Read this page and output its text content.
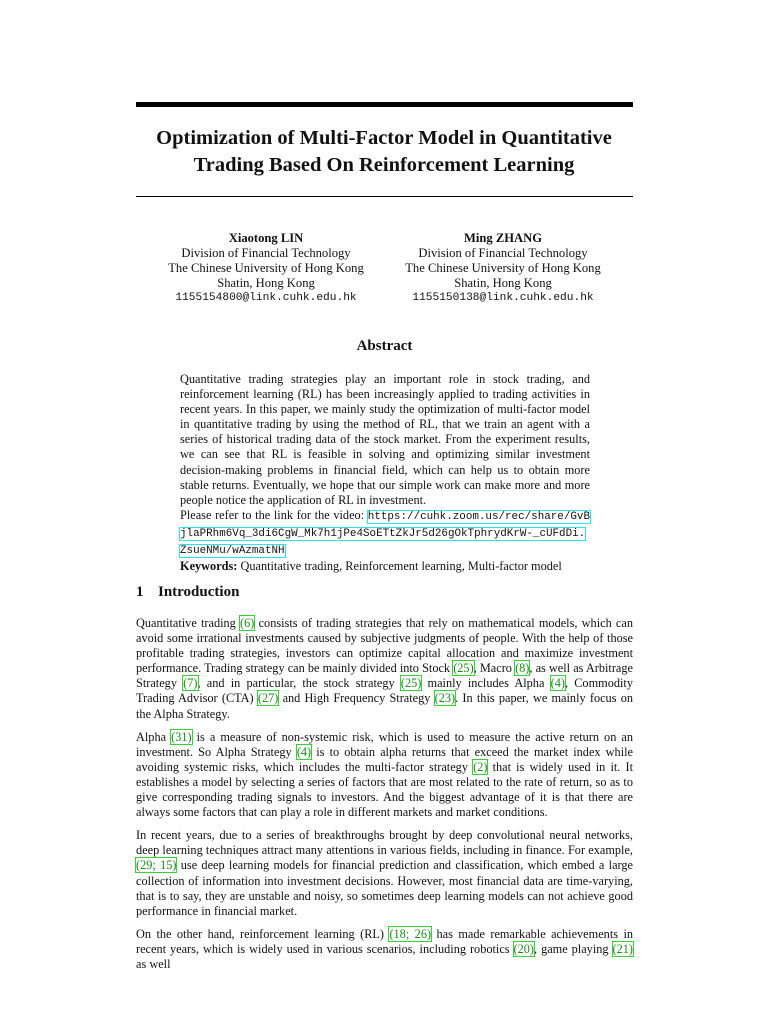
Optimization of Multi-Factor Model in Quantitative Trading Based On Reinforcement Learning
Xiaotong LIN
Division of Financial Technology
The Chinese University of Hong Kong
Shatin, Hong Kong
1155154800@link.cuhk.edu.hk
Ming ZHANG
Division of Financial Technology
The Chinese University of Hong Kong
Shatin, Hong Kong
1155150138@link.cuhk.edu.hk
Abstract

Quantitative trading strategies play an important role in stock trading, and reinforcement learning (RL) has been increasingly applied to trading activities in recent years. In this paper, we mainly study the optimization of multi-factor model in quantitative trading by using the method of RL, that we train an agent with a series of historical trading data of the stock market. From the experiment results, we can see that RL is feasible in solving and optimizing similar investment decision-making problems in financial field, which can help us to obtain more stable returns. Eventually, we hope that our simple work can make more and more people notice the application of RL in investment.

Please refer to the link for the video: https://cuhk.zoom.us/rec/share/GvBjlaPRhm6Vq_3di6CgW_Mk7h1jPe4SoETtZkJr5d26gOkTphrydKrW-_cUFdDi.ZsueNMu/wAzmatNH

Keywords: Quantitative trading, Reinforcement learning, Multi-factor model

1 Introduction

Quantitative trading (6) consists of trading strategies that rely on mathematical models, which can avoid some irrational investments caused by subjective judgments of people. With the help of those profitable trading strategies, investors can optimize capital allocation and maximize investment performance. Trading strategy can be mainly divided into Stock (25), Macro (8), as well as Arbitrage Strategy (7), and in particular, the stock strategy (25) mainly includes Alpha (4), Commodity Trading Advisor (CTA) (27) and High Frequency Strategy (23). In this paper, we mainly focus on the Alpha Strategy.

Alpha (31) is a measure of non-systemic risk, which is used to measure the active return on an investment. So Alpha Strategy (4) is to obtain alpha returns that exceed the market index while avoiding systemic risks, which includes the multi-factor strategy (2) that is widely used in it. It establishes a model by selecting a series of factors that are most related to the rate of return, so as to give corresponding trading signals to investors. And the biggest advantage of it is that there are always some factors that can play a role in different markets and market conditions.

In recent years, due to a series of breakthroughs brought by deep convolutional neural networks, deep learning techniques attract many attentions in various fields, including in finance. For example, (29; 15) use deep learning models for financial prediction and classification, which embed a large collection of information into investment decisions. However, most financial data are time-varying, that is to say, they are unstable and noisy, so sometimes deep learning models can not achieve good performance in financial market.

On the other hand, reinforcement learning (RL) (18; 26) has made remarkable achievements in recent years, which is widely used in various scenarios, including robotics (20), game playing (21) as well
